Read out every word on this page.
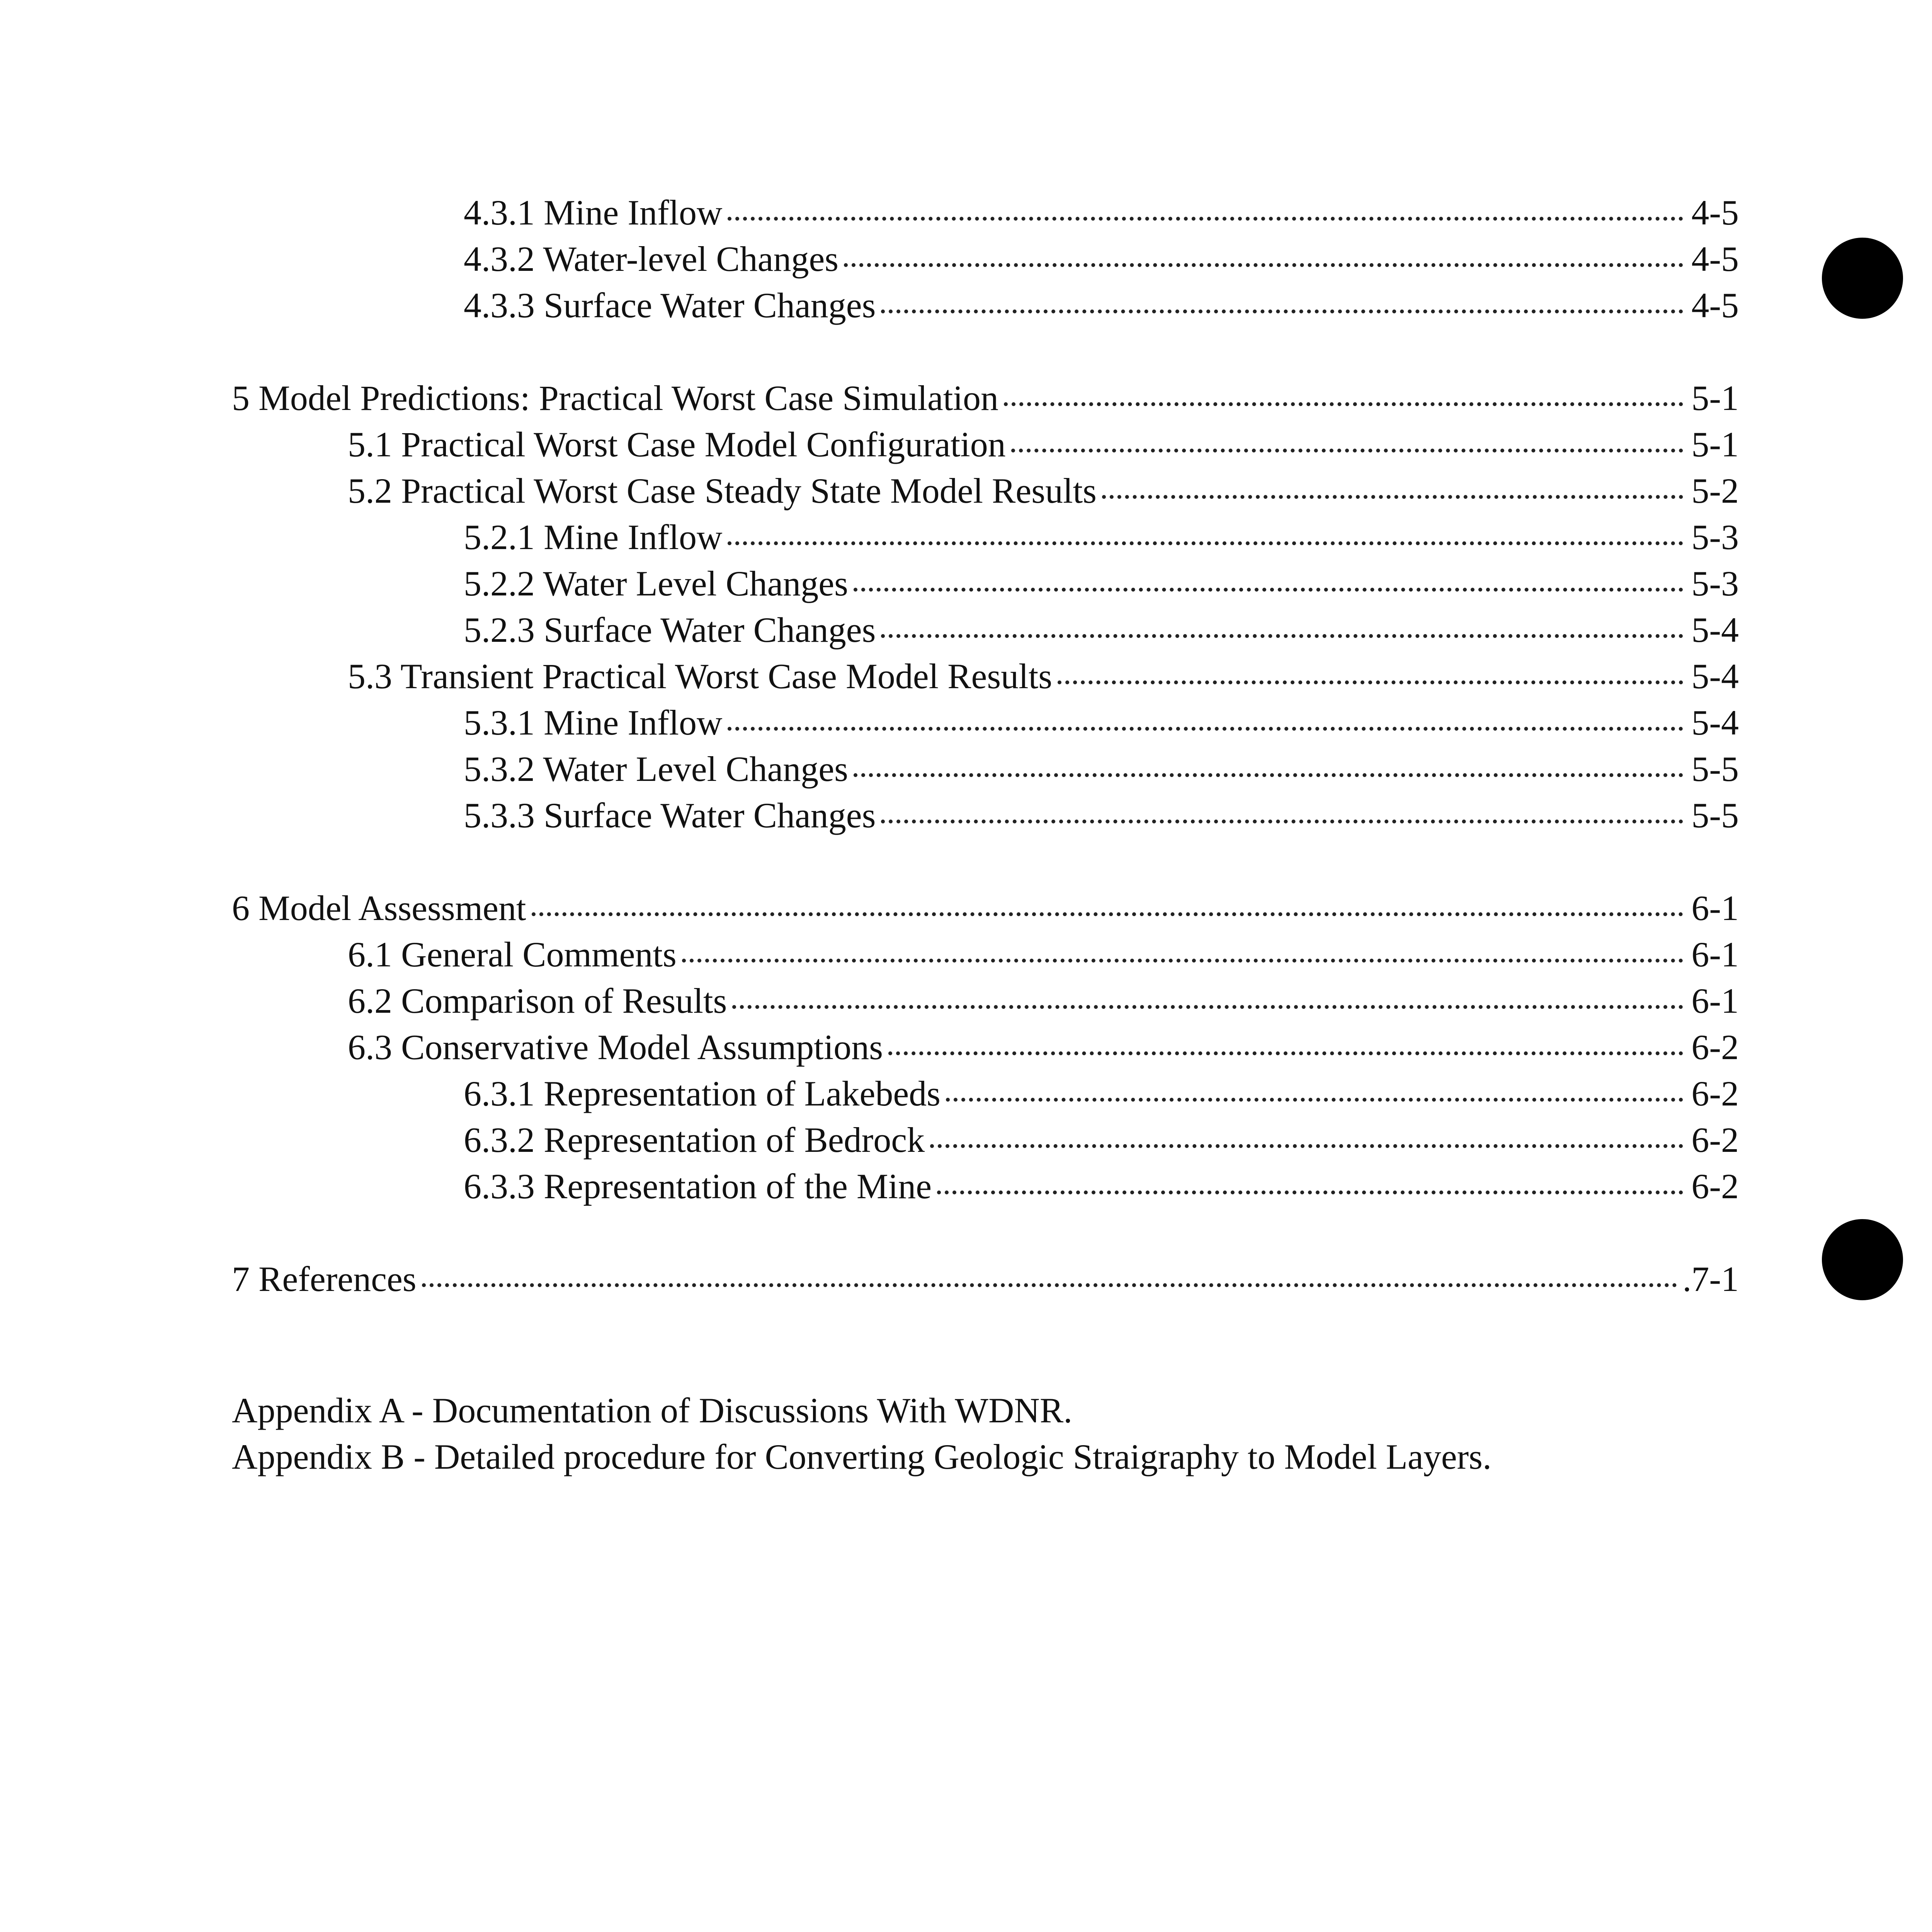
4.3.1 Mine Inflow	4-5
4.3.2 Water-level Changes	4-5
4.3.3 Surface Water Changes	4-5
5 Model Predictions: Practical Worst Case Simulation	5-1
5.1 Practical Worst Case Model Configuration	5-1
5.2 Practical Worst Case Steady State Model Results	5-2
5.2.1 Mine Inflow	5-3
5.2.2 Water Level Changes	5-3
5.2.3 Surface Water Changes	5-4
5.3 Transient Practical Worst Case Model Results	5-4
5.3.1 Mine Inflow	5-4
5.3.2 Water Level Changes	5-5
5.3.3 Surface Water Changes	5-5
6 Model Assessment	6-1
6.1 General Comments	6-1
6.2 Comparison of Results	6-1
6.3 Conservative Model Assumptions	6-2
6.3.1 Representation of Lakebeds	6-2
6.3.2 Representation of Bedrock	6-2
6.3.3 Representation of the Mine	6-2
7 References	.7-1
Appendix A - Documentation of Discussions With WDNR.
Appendix B - Detailed procedure for Converting Geologic Straigraphy to Model Layers.
